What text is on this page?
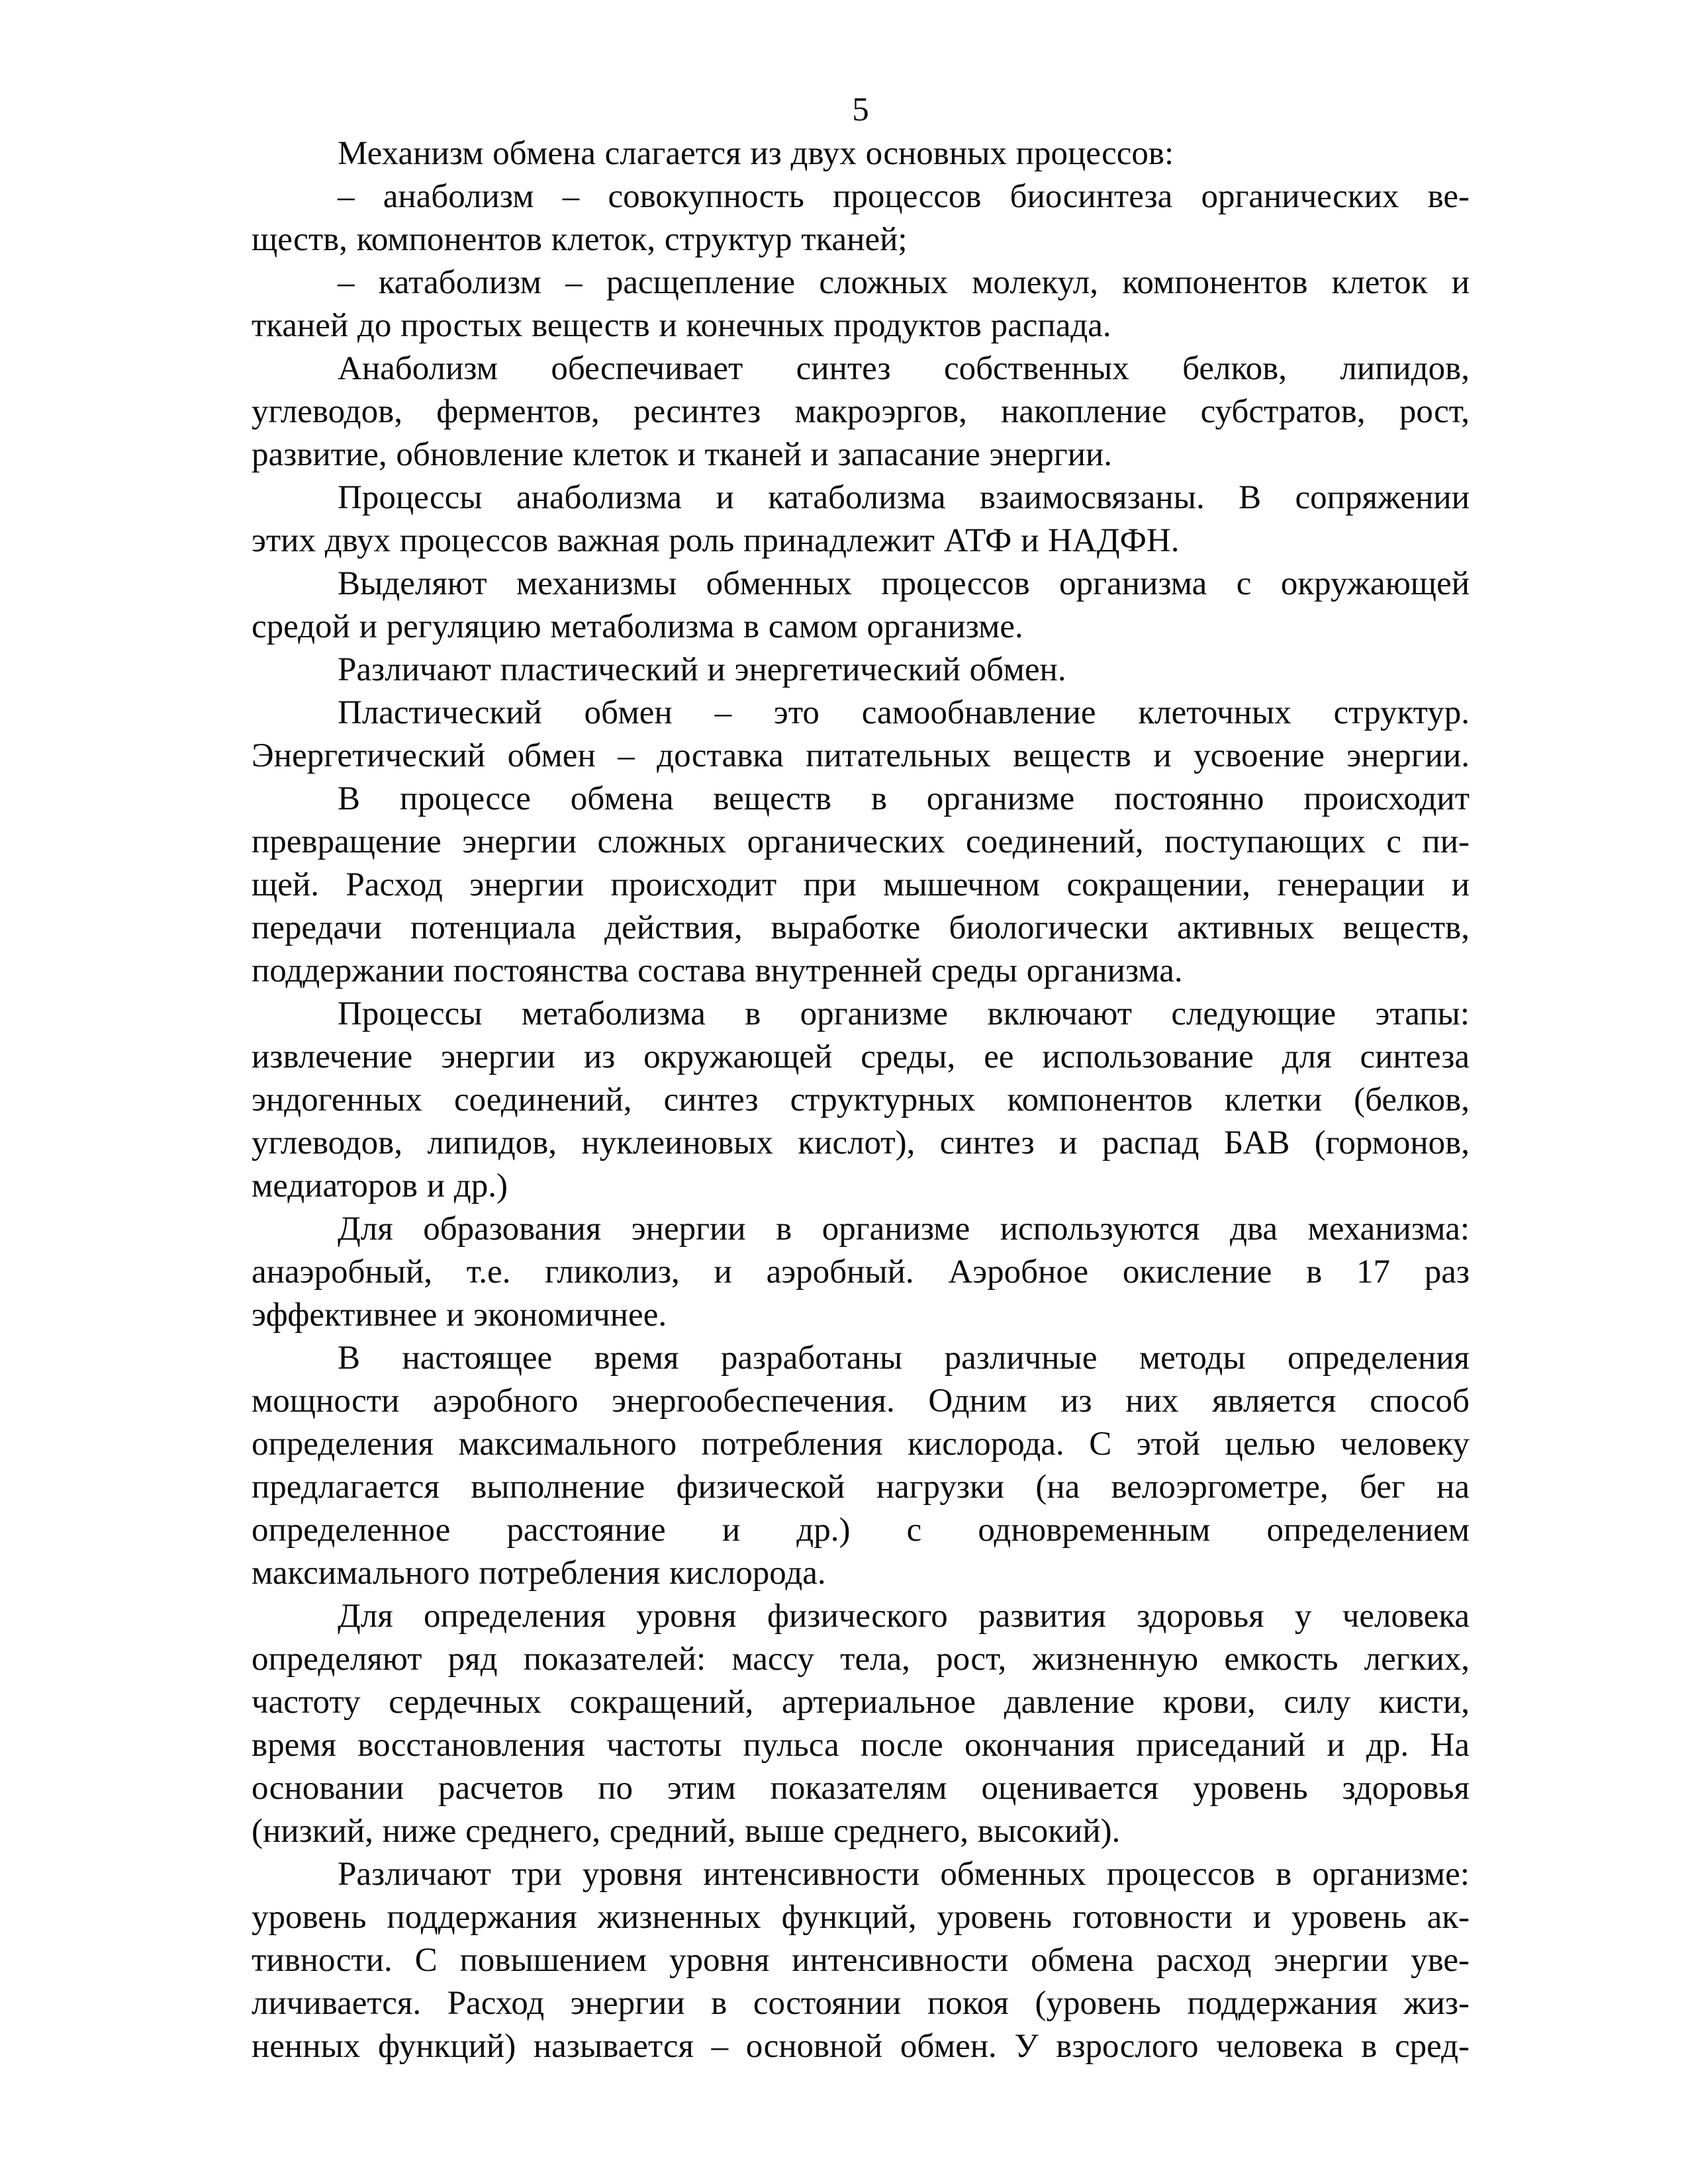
5
Механизм обмена слагается из двух основных процессов:
– анаболизм – совокупность процессов биосинтеза органических ве-
ществ, компонентов клеток, структур тканей;
– катаболизм – расщепление сложных молекул, компонентов клеток и
тканей до простых веществ и конечных продуктов распада.
Анаболизм обеспечивает синтез собственных белков, липидов,
углеводов, ферментов, ресинтез макроэргов, накопление субстратов, рост,
развитие, обновление клеток и тканей и запасание энергии.
Процессы анаболизма и катаболизма взаимосвязаны. В сопряжении
этих двух процессов важная роль принадлежит АТФ и НАДФН.
Выделяют механизмы обменных процессов организма с окружающей
средой и регуляцию метаболизма в самом организме.
Различают пластический и энергетический обмен.
Пластический обмен – это самообнавление клеточных структур.
Энергетический обмен – доставка питательных веществ и усвоение энергии.
В процессе обмена веществ в организме постоянно происходит
превращение энергии сложных органических соединений, поступающих с пи-
щей. Расход энергии происходит при мышечном сокращении, генерации и
передачи потенциала действия, выработке биологически активных веществ,
поддержании постоянства состава внутренней среды организма.
Процессы метаболизма в организме включают следующие этапы:
извлечение энергии из окружающей среды, ее использование для синтеза
эндогенных соединений, синтез структурных компонентов клетки (белков,
углеводов, липидов, нуклеиновых кислот), синтез и распад БАВ (гормонов,
медиаторов и др.)
Для образования энергии в организме используются два механизма:
анаэробный, т.е. гликолиз, и аэробный. Аэробное окисление в 17 раз
эффективнее и экономичнее.
В настоящее время разработаны различные методы определения
мощности аэробного энергообеспечения. Одним из них является способ
определения максимального потребления кислорода. С этой целью человеку
предлагается выполнение физической нагрузки (на велоэргометре, бег на
определенное расстояние и др.) с одновременным определением
максимального потребления кислорода.
Для определения уровня физического развития здоровья у человека
определяют ряд показателей: массу тела, рост, жизненную емкость легких,
частоту сердечных сокращений, артериальное давление крови, силу кисти,
время восстановления частоты пульса после окончания приседаний и др. На
основании расчетов по этим показателям оценивается уровень здоровья
(низкий, ниже среднего, средний, выше среднего, высокий).
Различают три уровня интенсивности обменных процессов в организме:
уровень поддержания жизненных функций, уровень готовности и уровень ак-
тивности. С повышением уровня интенсивности обмена расход энергии уве-
личивается. Расход энергии в состоянии покоя (уровень поддержания жиз-
ненных функций) называется – основной обмен. У взрослого человека в сред-
